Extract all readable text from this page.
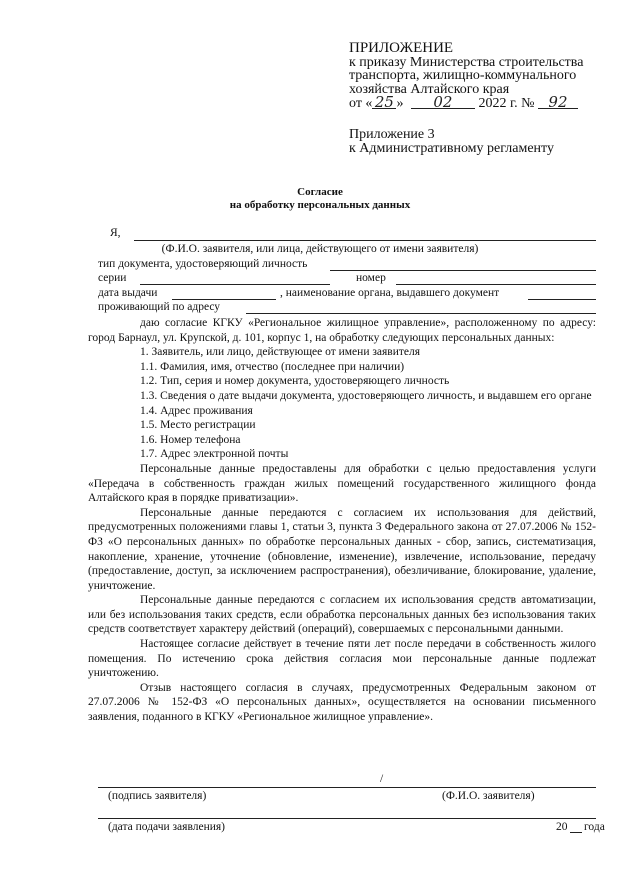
ПРИЛОЖЕНИЕ
к приказу Министерства строительства
транспорта, жилищно-коммунального
хозяйства Алтайского края
от « 25 » 02 2022 г. № 92
Приложение 3
к Административному регламенту
Согласие
на обработку персональных данных
Я,
(Ф.И.О. заявителя, или лица, действующего от имени заявителя)
тип документа, удостоверяющий личность
серии	номер
дата выдачи	, наименование органа, выдавшего документ
проживающий по адресу

даю согласие КГКУ «Региональное жилищное управление», расположенному по адресу: город Барнаул, ул. Крупской, д. 101, корпус 1, на обработку следующих персональных данных:

1. Заявитель, или лицо, действующее от имени заявителя

1.1. Фамилия, имя, отчество (последнее при наличии)

1.2. Тип, серия и номер документа, удостоверяющего личность

1.3. Сведения о дате выдачи документа, удостоверяющего личность, и выдавшем его органе

1.4. Адрес проживания

1.5. Место регистрации

1.6. Номер телефона

1.7. Адрес электронной почты

Персональные данные предоставлены для обработки с целью предоставления услуги «Передача в собственность граждан жилых помещений государственного жилищного фонда Алтайского края в порядке приватизации».

Персональные данные передаются с согласием их использования для действий, предусмотренных положениями главы 1, статьи 3, пункта 3 Федерального закона от 27.07.2006 № 152-ФЗ «О персональных данных» по обработке персональных данных - сбор, запись, систематизация, накопление, хранение, уточнение (обновление, изменение), извлечение, использование, передачу (предоставление, доступ, за исключением распространения), обезличивание, блокирование, удаление, уничтожение.

Персональные данные передаются с согласием их использования средств автоматизации, или без использования таких средств, если обработка персональных данных без использования таких средств соответствует характеру действий (операций), совершаемых с персональными данными.

Настоящее согласие действует в течение пяти лет после передачи в собственность жилого помещения. По истечению срока действия согласия мои персональные данные подлежат уничтожению.

Отзыв настоящего согласия в случаях, предусмотренных Федеральным законом от 27.07.2006 № 152-ФЗ «О персональных данных», осуществляется на основании письменного заявления, поданного в КГКУ «Региональное жилищное управление».

/
(подпись заявителя)	(Ф.И.О. заявителя)
(дата подачи заявления)	20 года
